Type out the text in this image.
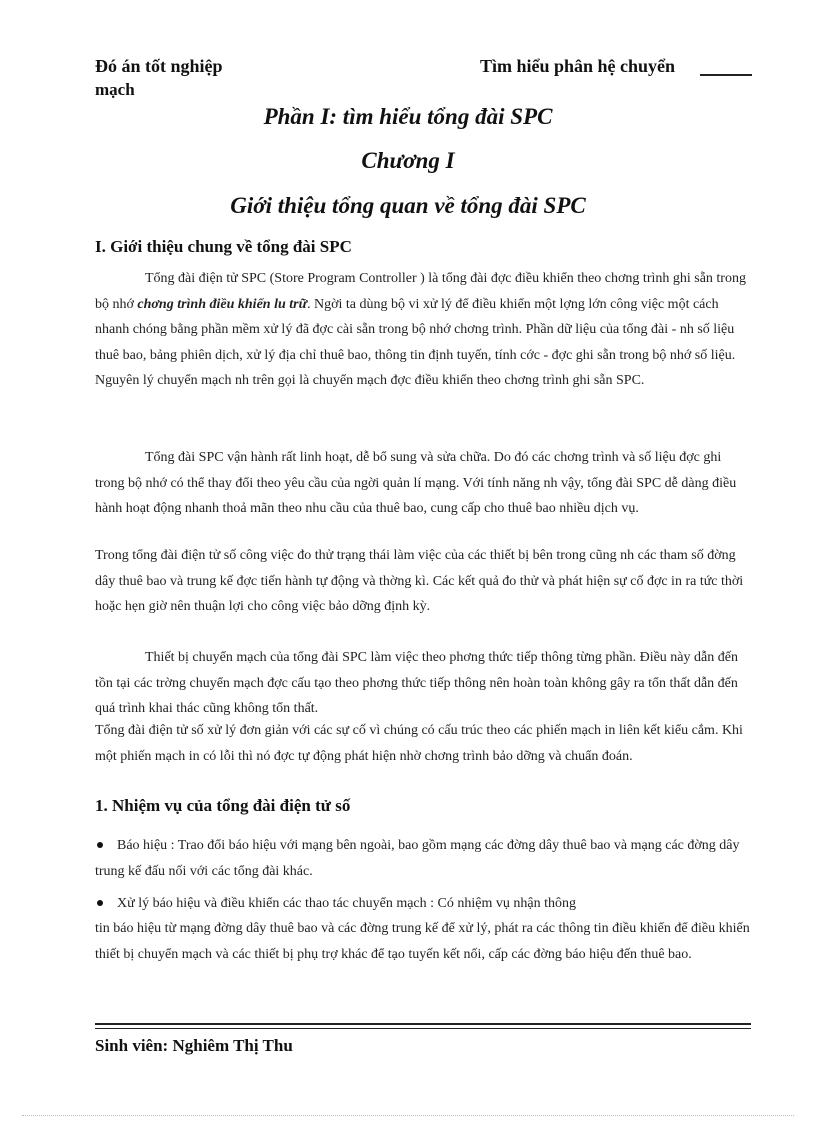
Đó án tốt nghiệp	Tìm hiểu phân hệ chuyển
mạch
Phần I: tìm hiểu tổng đài SPC
Chương I
Giới thiệu tổng quan về tổng đài SPC
I. Giới thiệu chung về tổng đài SPC

Tổng đài điện tử SPC (Store Program Controller ) là tổng đài đợc điều khiển theo chơng trình ghi sẵn trong bộ nhớ chơng trình điều khiển lu trữ. Ngời ta dùng bộ vi xử lý để điều khiển một lợng lớn công việc một cách nhanh chóng bằng phần mềm xử lý đã đợc cài sẵn trong bộ nhớ chơng trình. Phần dữ liệu của tổng đài - nh số liệu thuê bao, bảng phiên dịch, xử lý địa chỉ thuê bao, thông tin định tuyến, tính cớc - đợc ghi sẵn trong bộ nhớ số liệu. Nguyên lý chuyển mạch nh trên gọi là chuyển mạch đợc điều khiển theo chơng trình ghi sẵn SPC.

Tổng đài SPC vận hành rất linh hoạt, dễ bổ sung và sửa chữa. Do đó các chơng trình và số liệu đợc ghi trong bộ nhớ có thể thay đổi theo yêu cầu của ngời quản lí mạng. Với tính năng nh vậy, tổng đài SPC dễ dàng điều hành hoạt động nhanh thoả mãn theo nhu cầu của thuê bao, cung cấp cho thuê bao nhiều dịch vụ.

Trong tổng đài điện tử số công việc đo thử trạng thái làm việc của các thiết bị bên trong cũng nh các tham số đờng dây thuê bao và trung kế đợc tiến hành tự động và thờng kì. Các kết quả đo thử và phát hiện sự cố đợc in ra tức thời hoặc hẹn giờ nên thuận lợi cho công việc bảo dỡng định kỳ.

Thiết bị chuyển mạch của tổng đài SPC làm việc theo phơng thức tiếp thông từng phần. Điều này dẫn đến tồn tại các trờng chuyển mạch đợc cấu tạo theo phơng thức tiếp thông nên hoàn toàn không gây ra tổn thất dẫn đến quá trình khai thác cũng không tổn thất.

Tổng đài điện tử số xử lý đơn giản với các sự cố vì chúng có cấu trúc theo các phiến mạch in liên kết kiểu cắm. Khi một phiến mạch in có lỗi thì nó đợc tự động phát hiện nhờ chơng trình bảo dỡng và chuẩn đoán.

1. Nhiệm vụ của tổng đài điện tử số

Báo hiệu : Trao đổi báo hiệu với mạng bên ngoài, bao gồm mạng các đờng dây thuê bao và mạng các đờng dây trung kế đấu nối với các tổng đài khác.

Xử lý báo hiệu và điều khiển các thao tác chuyển mạch : Có nhiệm vụ nhận thông

tin báo hiệu từ mạng đờng dây thuê bao và các đờng trung kế để xử lý, phát ra các thông tin điều khiển để điều khiển thiết bị chuyển mạch và các thiết bị phụ trợ khác để tạo tuyến kết nối, cấp các đờng báo hiệu đến thuê bao.

Sinh viên: Nghiêm Thị Thu
